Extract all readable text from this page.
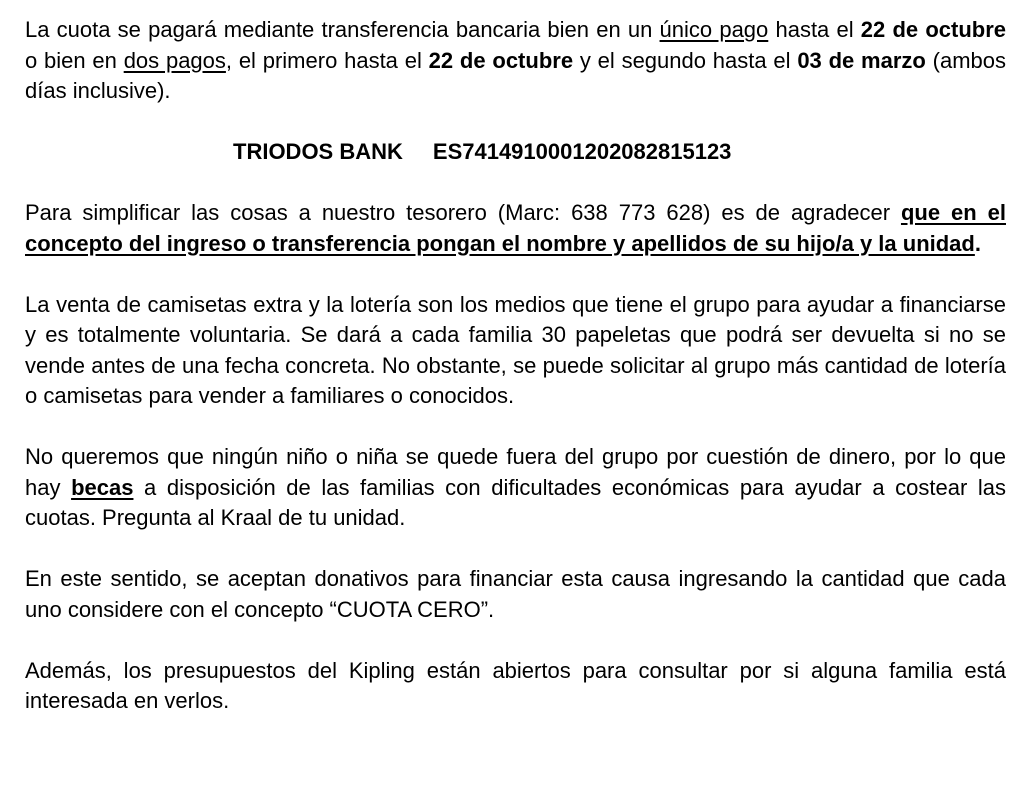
La cuota se pagará mediante transferencia bancaria bien en un único pago hasta el 22 de octubre o bien en dos pagos, el primero hasta el 22 de octubre y el segundo hasta el 03 de marzo (ambos días inclusive).

TRIODOS BANK ES7414910001202082815123

Para simplificar las cosas a nuestro tesorero (Marc: 638 773 628) es de agradecer que en el concepto del ingreso o transferencia pongan el nombre y apellidos de su hijo/a y la unidad.

La venta de camisetas extra y la lotería son los medios que tiene el grupo para ayudar a financiarse y es totalmente voluntaria. Se dará a cada familia 30 papeletas que podrá ser devuelta si no se vende antes de una fecha concreta. No obstante, se puede solicitar al grupo más cantidad de lotería o camisetas para vender a familiares o conocidos.

No queremos que ningún niño o niña se quede fuera del grupo por cuestión de dinero, por lo que hay becas a disposición de las familias con dificultades económicas para ayudar a costear las cuotas. Pregunta al Kraal de tu unidad.

En este sentido, se aceptan donativos para financiar esta causa ingresando la cantidad que cada uno considere con el concepto “CUOTA CERO”.

Además, los presupuestos del Kipling están abiertos para consultar por si alguna familia está interesada en verlos.
